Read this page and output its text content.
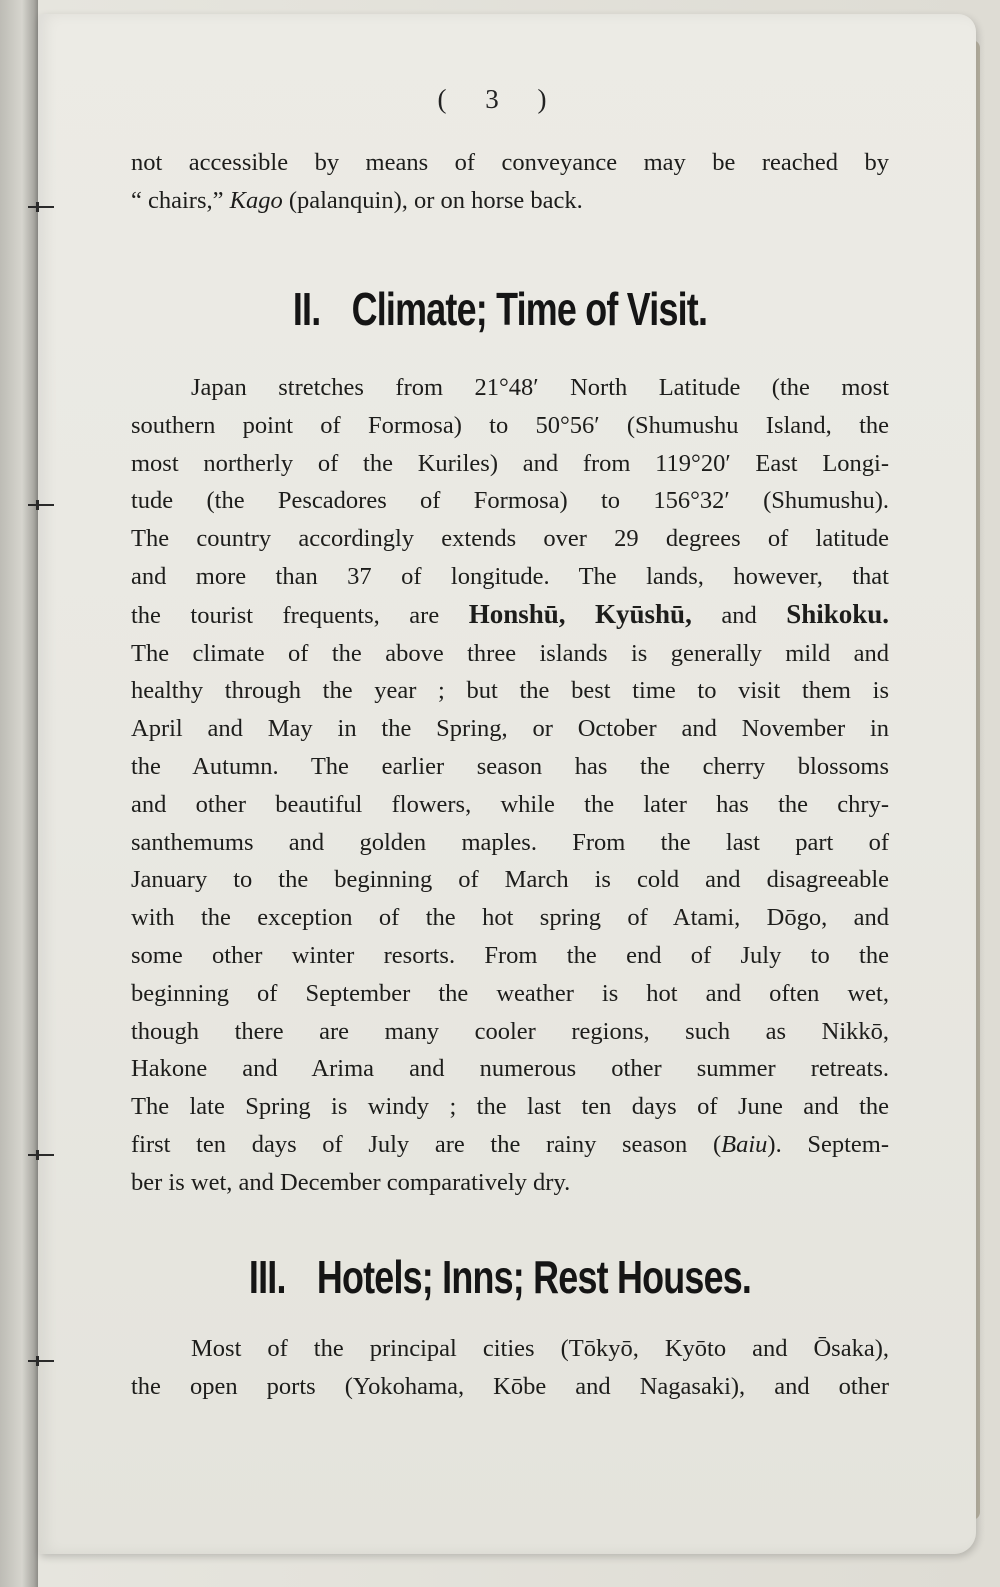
( 3 )

not accessible by means of conveyance may be reached by
“ chairs,” Kago (palanquin), or on horse back.

II. Climate; Time of Visit.

Japan stretches from 21°48′ North Latitude (the most
southern point of Formosa) to 50°56′ (Shumushu Island, the
most northerly of the Kuriles) and from 119°20′ East Longi-
tude (the Pescadores of Formosa) to 156°32′ (Shumushu).
The country accordingly extends over 29 degrees of latitude
and more than 37 of longitude. The lands, however, that
the tourist frequents, are Honshū, Kyūshū, and Shikoku.
The climate of the above three islands is generally mild and
healthy through the year ; but the best time to visit them is
April and May in the Spring, or October and November in
the Autumn. The earlier season has the cherry blossoms
and other beautiful flowers, while the later has the chry-
santhemums and golden maples. From the last part of
January to the beginning of March is cold and disagreeable
with the exception of the hot spring of Atami, Dōgo, and
some other winter resorts. From the end of July to the
beginning of September the weather is hot and often wet,
though there are many cooler regions, such as Nikkō,
Hakone and Arima and numerous other summer retreats.
The late Spring is windy ; the last ten days of June and the
first ten days of July are the rainy season (Baiu). Septem-
ber is wet, and December comparatively dry.

III. Hotels; Inns; Rest Houses.

Most of the principal cities (Tōkyō, Kyōto and Ōsaka),
the open ports (Yokohama, Kōbe and Nagasaki), and other
